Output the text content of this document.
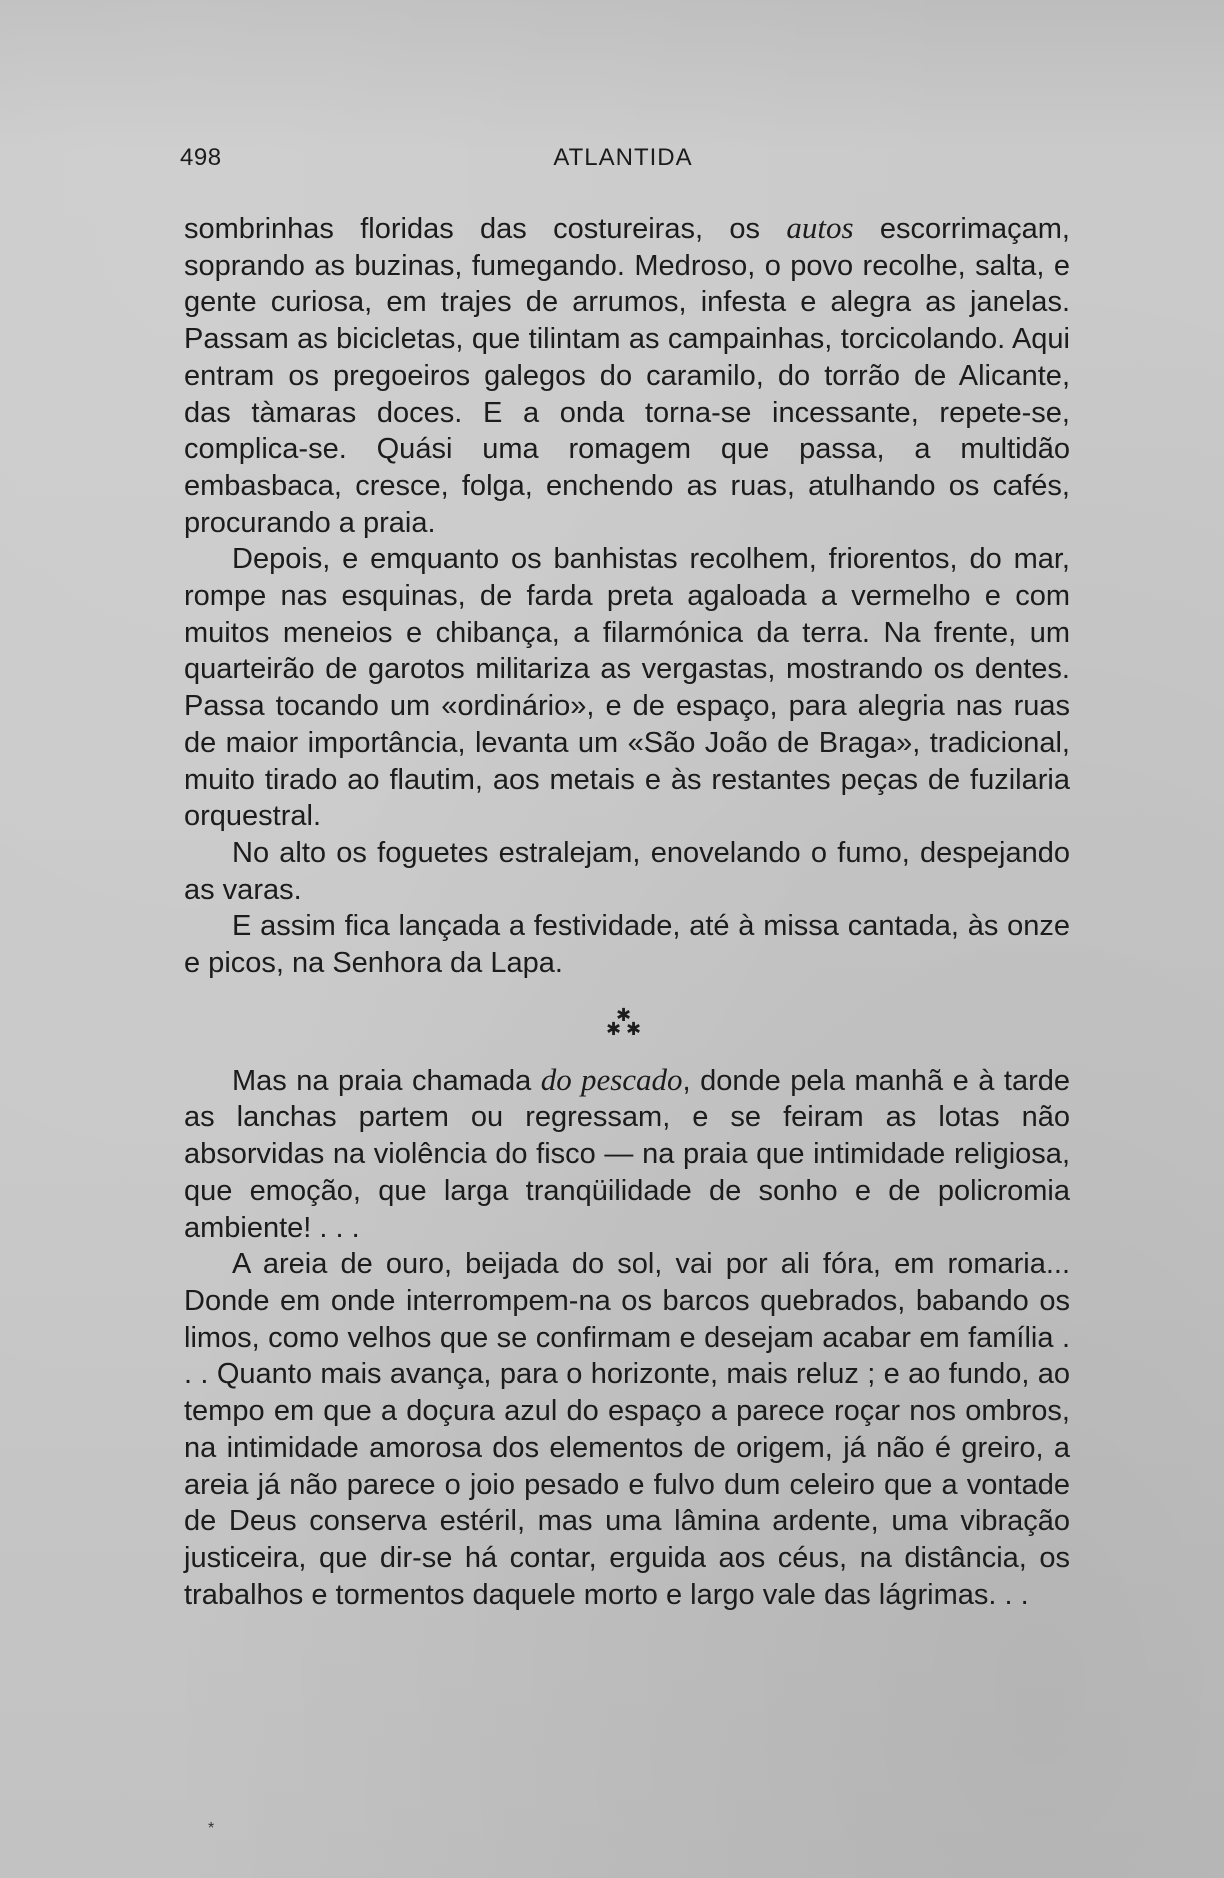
498	ATLANTIDA

sombrinhas floridas das costureiras, os autos escorrimaçam, soprando as buzinas, fumegando. Medroso, o povo recolhe, salta, e gente curiosa, em trajes de arrumos, infesta e alegra as janelas. Passam as bicicletas, que tilintam as campainhas, torcicolando. Aqui entram os pregoeiros galegos do caramilo, do torrão de Alicante, das tàmaras doces. E a onda torna-se incessante, repete-se, complica-se. Quási uma romagem que passa, a multidão embasbaca, cresce, folga, enchendo as ruas, atulhando os cafés, procurando a praia.

Depois, e emquanto os banhistas recolhem, friorentos, do mar, rompe nas esquinas, de farda preta agaloada a vermelho e com muitos meneios e chibança, a filarmónica da terra. Na frente, um quarteirão de garotos militariza as vergastas, mostrando os dentes. Passa tocando um «ordinário», e de espaço, para alegria nas ruas de maior importância, levanta um «São João de Braga», tradicional, muito tirado ao flautim, aos metais e às restantes peças de fuzilaria orquestral.

No alto os foguetes estralejam, enovelando o fumo, despejando as varas.

E assim fica lançada a festividade, até à missa cantada, às onze e picos, na Senhora da Lapa.

✱
✱ ✱

Mas na praia chamada do pescado, donde pela manhã e à tarde as lanchas partem ou regressam, e se feiram as lotas não absorvidas na violência do fisco — na praia que intimidade religiosa, que emoção, que larga tranqüilidade de sonho e de policromia ambiente! . . .

A areia de ouro, beijada do sol, vai por ali fóra, em romaria... Donde em onde interrompem-na os barcos quebrados, babando os limos, como velhos que se confirmam e desejam acabar em família . . . Quanto mais avança, para o horizonte, mais reluz ; e ao fundo, ao tempo em que a doçura azul do espaço a parece roçar nos ombros, na intimidade amorosa dos elementos de origem, já não é greiro, a areia já não parece o joio pesado e fulvo dum celeiro que a vontade de Deus conserva estéril, mas uma lâmina ardente, uma vibração justiceira, que dir-se há contar, erguida aos céus, na distância, os trabalhos e tormentos daquele morto e largo vale das lágrimas. . .

*
